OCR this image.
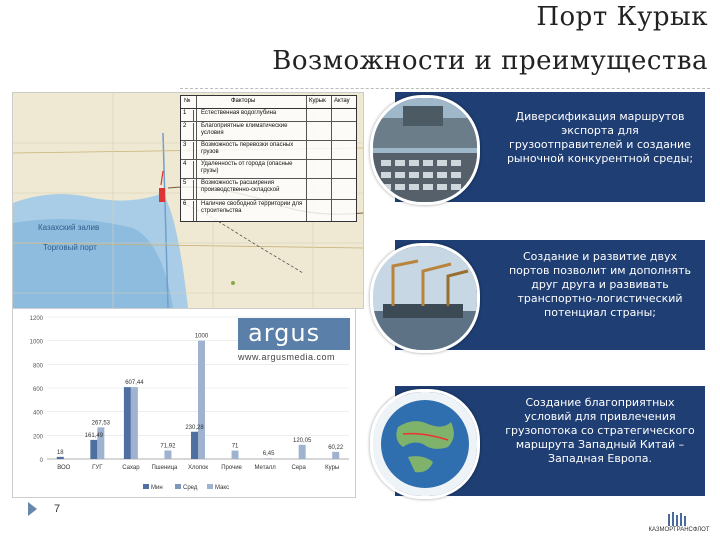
Порт Курык
Возможности и преимущества
Казахский залив
Торговый порт
№	Факторы	Курык Актау
1	Естественная водоглубина
2	Благоприятные климатические условия
3	Возможность перевозки опасных грузов
4	Удаленность от города (опасные грузы)
5	Возможность расширения производственно-складской
6	Наличие свободной территории для строительства
0
200
400
600
800
1000
1200
ВОО	ГУГ	Сахар Пшеница Хлопок Прочие Металл	Сера	Куры
18
161,49
267,53
607,44
71,92
230,28
1000
71
6,45
120,05
60,22
Мин	Сред	Макс
argus
www.argusmedia.com
7
Диверсификация маршрутов экспорта для грузоотправителей и создание рыночной конкурентной среды;
Создание и развитие двух портов позволит им дополнять друг друга и развивать транспортно-логистический потенциал страны;
Создание благоприятных условий для привлечения грузопотока со стратегического маршрута Западный Китай – Западная Европа.
КАЗМОРТРАНСФЛОТ
